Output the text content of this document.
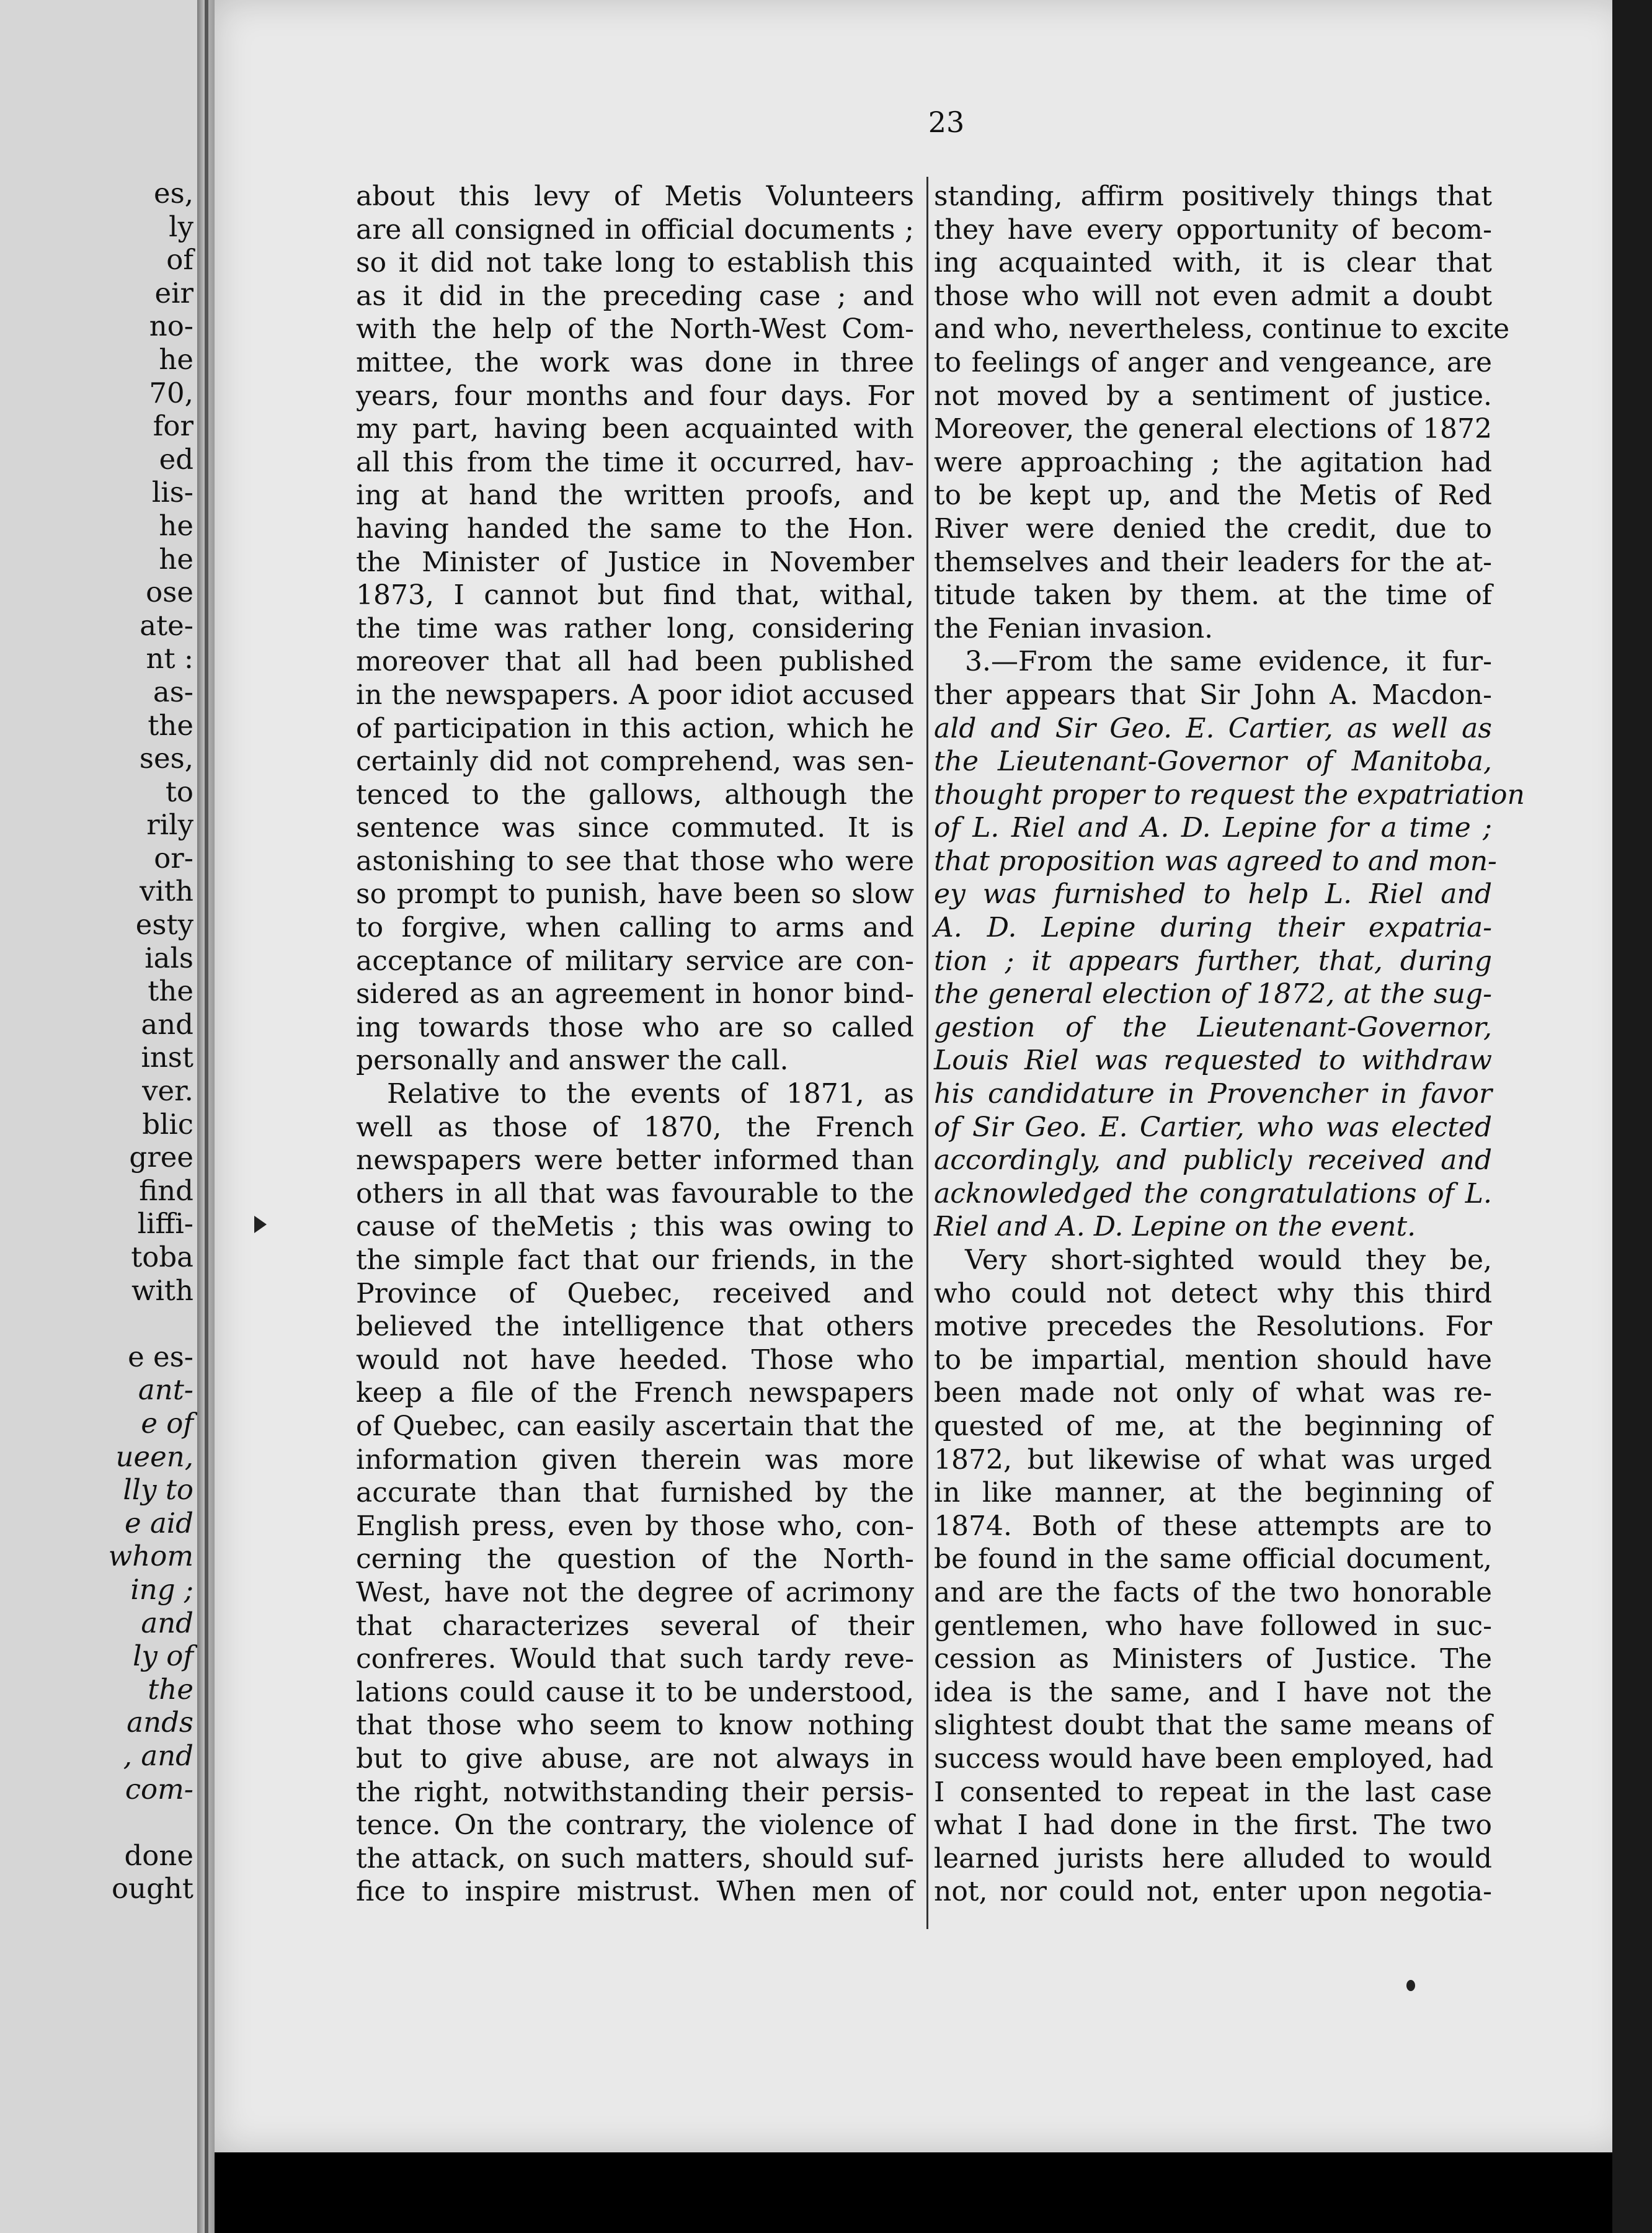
es,
ly
of
eir
no-
he
70,
for
ed
lis-
he
he
ose
ate-
nt :
as-
the
ses,
to
rily
or-
vith
esty
ials
the
and
inst
ver.
blic
gree
find
liffi-
toba
with
e es-
ant-
e of
ueen,
lly to
e aid
whom
ing ;
and
ly of
the
ands
, and
com-
done
ought
23
about this levy of Metis Volunteers
are all consigned in official documents ;
so it did not take long to establish this
as it did in the preceding case ; and
with the help of the North-West Com-
mittee, the work was done in three
years, four months and four days. For
my part, having been acquainted with
all this from the time it occurred, hav-
ing at hand the written proofs, and
having handed the same to the Hon.
the Minister of Justice in November
1873, I cannot but find that, withal,
the time was rather long, considering
moreover that all had been published
in the newspapers. A poor idiot accused
of participation in this action, which he
certainly did not comprehend, was sen-
tenced to the gallows, although the
sentence was since commuted. It is
astonishing to see that those who were
so prompt to punish, have been so slow
to forgive, when calling to arms and
acceptance of military service are con-
sidered as an agreement in honor bind-
ing towards those who are so called
personally and answer the call.
Relative to the events of 1871, as
well as those of 1870, the French
newspapers were better informed than
others in all that was favourable to the
cause of theMetis ; this was owing to
the simple fact that our friends, in the
Province of Quebec, received and
believed the intelligence that others
would not have heeded. Those who
keep a file of the French newspapers
of Quebec, can easily ascertain that the
information given therein was more
accurate than that furnished by the
English press, even by those who, con-
cerning the question of the North-
West, have not the degree of acrimony
that characterizes several of their
confreres. Would that such tardy reve-
lations could cause it to be understood,
that those who seem to know nothing
but to give abuse, are not always in
the right, notwithstanding their persis-
tence. On the contrary, the violence of
the attack, on such matters, should suf-
fice to inspire mistrust. When men of
standing, affirm positively things that
they have every opportunity of becom-
ing acquainted with, it is clear that
those who will not even admit a doubt
and who, nevertheless, continue to excite
to feelings of anger and vengeance, are
not moved by a sentiment of justice.
Moreover, the general elections of 1872
were approaching ; the agitation had
to be kept up, and the Metis of Red
River were denied the credit, due to
themselves and their leaders for the at-
titude taken by them. at the time of
the Fenian invasion.
3.—From the same evidence, it fur-
ther appears that Sir John A. Macdon-
ald and Sir Geo. E. Cartier, as well as
the Lieutenant-Governor of Manitoba,
thought proper to request the expatriation
of L. Riel and A. D. Lepine for a time ;
that proposition was agreed to and mon-
ey was furnished to help L. Riel and
A. D. Lepine during their expatria-
tion ; it appears further, that, during
the general election of 1872, at the sug-
gestion of the Lieutenant-Governor,
Louis Riel was requested to withdraw
his candidature in Provencher in favor
of Sir Geo. E. Cartier, who was elected
accordingly, and publicly received and
acknowledged the congratulations of L.
Riel and A. D. Lepine on the event.
Very short-sighted would they be,
who could not detect why this third
motive precedes the Resolutions. For
to be impartial, mention should have
been made not only of what was re-
quested of me, at the beginning of
1872, but likewise of what was urged
in like manner, at the beginning of
1874. Both of these attempts are to
be found in the same official document,
and are the facts of the two honorable
gentlemen, who have followed in suc-
cession as Ministers of Justice. The
idea is the same, and I have not the
slightest doubt that the same means of
success would have been employed, had
I consented to repeat in the last case
what I had done in the first. The two
learned jurists here alluded to would
not, nor could not, enter upon negotia-
